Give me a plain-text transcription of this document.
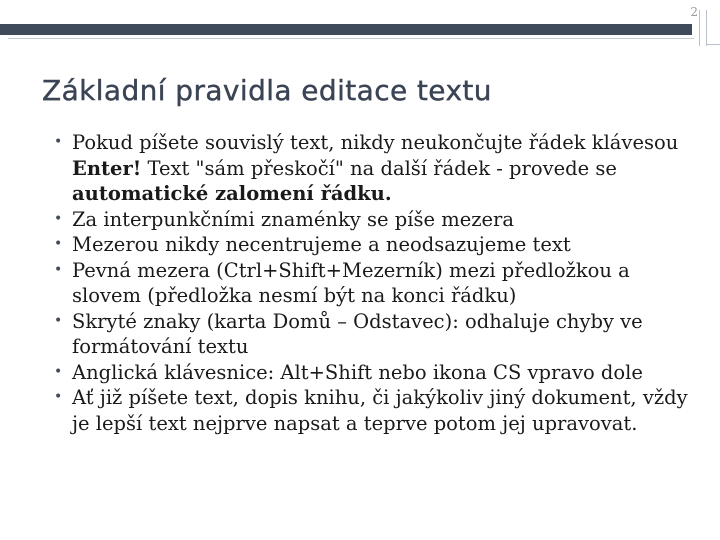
2
Základní pravidla editace textu
• Pokud píšete souvislý text, nikdy neukončujte řádek klávesou Enter! Text "sám přeskočí" na další řádek - provede se automatické zalomení řádku.
• Za interpunkčními znaménky se píše mezera
• Mezerou nikdy necentrujeme a neodsazujeme text
• Pevná mezera (Ctrl+Shift+Mezerník) mezi předložkou a slovem (předložka nesmí být na konci řádku)
• Skryté znaky (karta Domů – Odstavec): odhaluje chyby ve formátování textu
• Anglická klávesnice: Alt+Shift nebo ikona CS vpravo dole
• Ať již píšete text, dopis knihu, či jakýkoliv jiný dokument, vždy je lepší text nejprve napsat a teprve potom jej upravovat.
